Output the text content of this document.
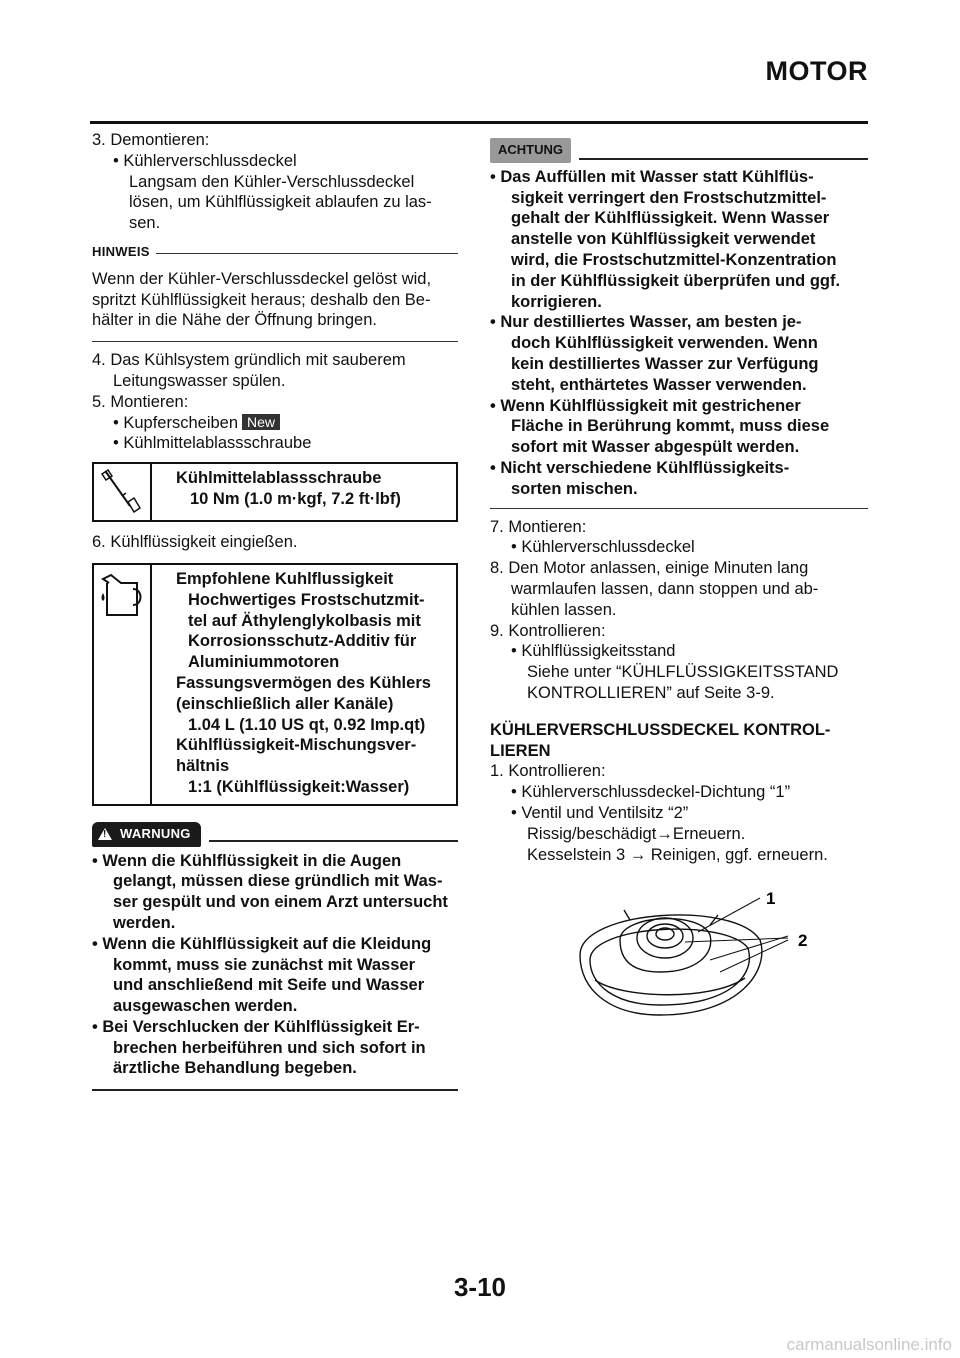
MOTOR
3. Demontieren:
• Kühlerverschlussdeckel
Langsam den Kühler-Verschlussdeckel
lösen, um Kühlflüssigkeit ablaufen zu las-
sen.
HINWEIS
Wenn der Kühler-Verschlussdeckel gelöst wid,
spritzt Kühlflüssigkeit heraus; deshalb den Be-
hälter in die Nähe der Öffnung bringen.
4. Das Kühlsystem gründlich mit sauberem
Leitungswasser spülen.
5. Montieren:
• Kupferscheiben New
• Kühlmittelablassschraube
Kühlmittelablassschraube
10 Nm (1.0 m·kgf, 7.2 ft·lbf)
6. Kühlflüssigkeit eingießen.
Empfohlene Kuhlflussigkeit
Hochwertiges Frostschutzmit-
tel auf Äthylenglykolbasis mit
Korrosionsschutz-Additiv für
Aluminiummotoren
Fassungsvermögen des Kühlers
(einschließlich aller Kanäle)
1.04 L (1.10 US qt, 0.92 Imp.qt)
Kühlflüssigkeit-Mischungsver-
hältnis
1:1 (Kühlflüssigkeit:Wasser)
! WARNUNG
• Wenn die Kühlflüssigkeit in die Augen
gelangt, müssen diese gründlich mit Was-
ser gespült und von einem Arzt untersucht
werden.
• Wenn die Kühlflüssigkeit auf die Kleidung
kommt, muss sie zunächst mit Wasser
und anschließend mit Seife und Wasser
ausgewaschen werden.
• Bei Verschlucken der Kühlflüssigkeit Er-
brechen herbeiführen und sich sofort in
ärztliche Behandlung begeben.
ACHTUNG
• Das Auffüllen mit Wasser statt Kühlflüs-
sigkeit verringert den Frostschutzmittel-
gehalt der Kühlflüssigkeit. Wenn Wasser
anstelle von Kühlflüssigkeit verwendet
wird, die Frostschutzmittel-Konzentration
in der Kühlflüssigkeit überprüfen und ggf.
korrigieren.
• Nur destilliertes Wasser, am besten je-
doch Kühlflüssigkeit verwenden. Wenn
kein destilliertes Wasser zur Verfügung
steht, enthärtetes Wasser verwenden.
• Wenn Kühlflüssigkeit mit gestrichener
Fläche in Berührung kommt, muss diese
sofort mit Wasser abgespült werden.
• Nicht verschiedene Kühlflüssigkeits-
sorten mischen.
7. Montieren:
• Kühlerverschlussdeckel
8. Den Motor anlassen, einige Minuten lang
warmlaufen lassen, dann stoppen und ab-
kühlen lassen.
9. Kontrollieren:
• Kühlflüssigkeitsstand
Siehe unter “KÜHLFLÜSSIGKEITSSTAND
KONTROLLIEREN” auf Seite 3-9.
KÜHLERVERSCHLUSSDECKEL KONTROL-
LIEREN
1. Kontrollieren:
• Kühlerverschlussdeckel-Dichtung “1”
• Ventil und Ventilsitz “2”
Rissig/beschädigt→Erneuern.
Kesselstein 3 → Reinigen, ggf. erneuern.
1
2
3-10
carmanualsonline.info
